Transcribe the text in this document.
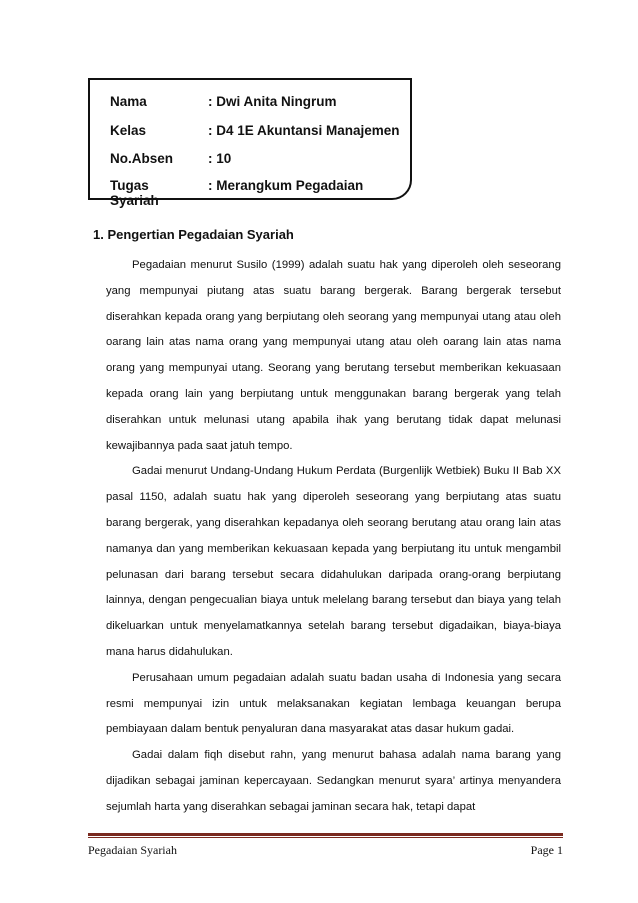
Nama	: Dwi Anita Ningrum
Kelas	: D4 1E Akuntansi Manajemen
No.Absen	: 10
Tugas	: Merangkum Pegadaian Syariah
1. Pengertian Pegadaian Syariah

Pegadaian menurut Susilo (1999) adalah suatu hak yang diperoleh oleh seseorang yang mempunyai piutang atas suatu barang bergerak. Barang bergerak tersebut diserahkan kepada orang yang berpiutang oleh seorang yang mempunyai utang atau oleh oarang lain atas nama orang yang mempunyai utang atau oleh oarang lain atas nama orang yang mempunyai utang. Seorang yang berutang tersebut memberikan kekuasaan kepada orang lain yang berpiutang untuk menggunakan barang bergerak yang telah diserahkan untuk melunasi utang apabila ihak yang berutang tidak dapat melunasi kewajibannya pada saat jatuh tempo.

Gadai menurut Undang-Undang Hukum Perdata (Burgenlijk Wetbiek) Buku II Bab XX pasal 1150, adalah suatu hak yang diperoleh seseorang yang berpiutang atas suatu barang bergerak, yang diserahkan kepadanya oleh seorang berutang atau orang lain atas namanya dan yang memberikan kekuasaan kepada yang berpiutang itu untuk mengambil pelunasan dari barang tersebut secara didahulukan daripada orang-orang berpiutang lainnya, dengan pengecualian biaya untuk melelang barang tersebut dan biaya yang telah dikeluarkan untuk menyelamatkannya setelah barang tersebut digadaikan, biaya-biaya mana harus didahulukan.

Perusahaan umum pegadaian adalah suatu badan usaha di Indonesia yang secara resmi mempunyai izin untuk melaksanakan kegiatan lembaga keuangan berupa pembiayaan dalam bentuk penyaluran dana masyarakat atas dasar hukum gadai.

Gadai dalam fiqh disebut rahn, yang menurut bahasa adalah nama barang yang dijadikan sebagai jaminan kepercayaan. Sedangkan menurut syara’ artinya menyandera sejumlah harta yang diserahkan sebagai jaminan secara hak, tetapi dapat

Pegadaian Syariah	Page 1
